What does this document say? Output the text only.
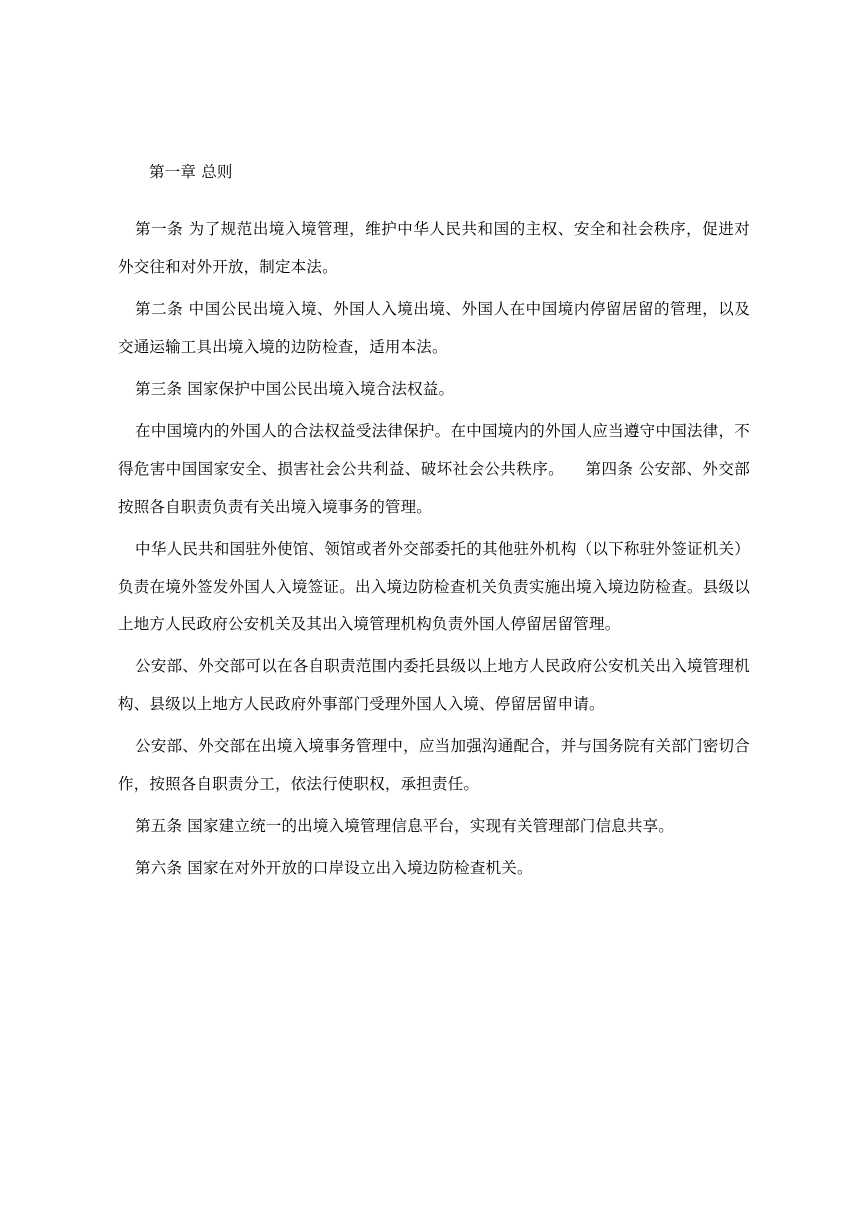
第一章 总则

第一条 为了规范出境入境管理，维护中华人民共和国的主权、安全和社会秩序，促进对外交往和对外开放，制定本法。

第二条 中国公民出境入境、外国人入境出境、外国人在中国境内停留居留的管理，以及交通运输工具出境入境的边防检查，适用本法。

第三条 国家保护中国公民出境入境合法权益。

在中国境内的外国人的合法权益受法律保护。在中国境内的外国人应当遵守中国法律，不得危害中国国家安全、损害社会公共利益、破坏社会公共秩序。    第四条 公安部、外交部按照各自职责负责有关出境入境事务的管理。

中华人民共和国驻外使馆、领馆或者外交部委托的其他驻外机构（以下称驻外签证机关）负责在境外签发外国人入境签证。出入境边防检查机关负责实施出境入境边防检查。县级以上地方人民政府公安机关及其出入境管理机构负责外国人停留居留管理。

公安部、外交部可以在各自职责范围内委托县级以上地方人民政府公安机关出入境管理机构、县级以上地方人民政府外事部门受理外国人入境、停留居留申请。

公安部、外交部在出境入境事务管理中，应当加强沟通配合，并与国务院有关部门密切合作，按照各自职责分工，依法行使职权，承担责任。

第五条 国家建立统一的出境入境管理信息平台，实现有关管理部门信息共享。

第六条 国家在对外开放的口岸设立出入境边防检查机关。
